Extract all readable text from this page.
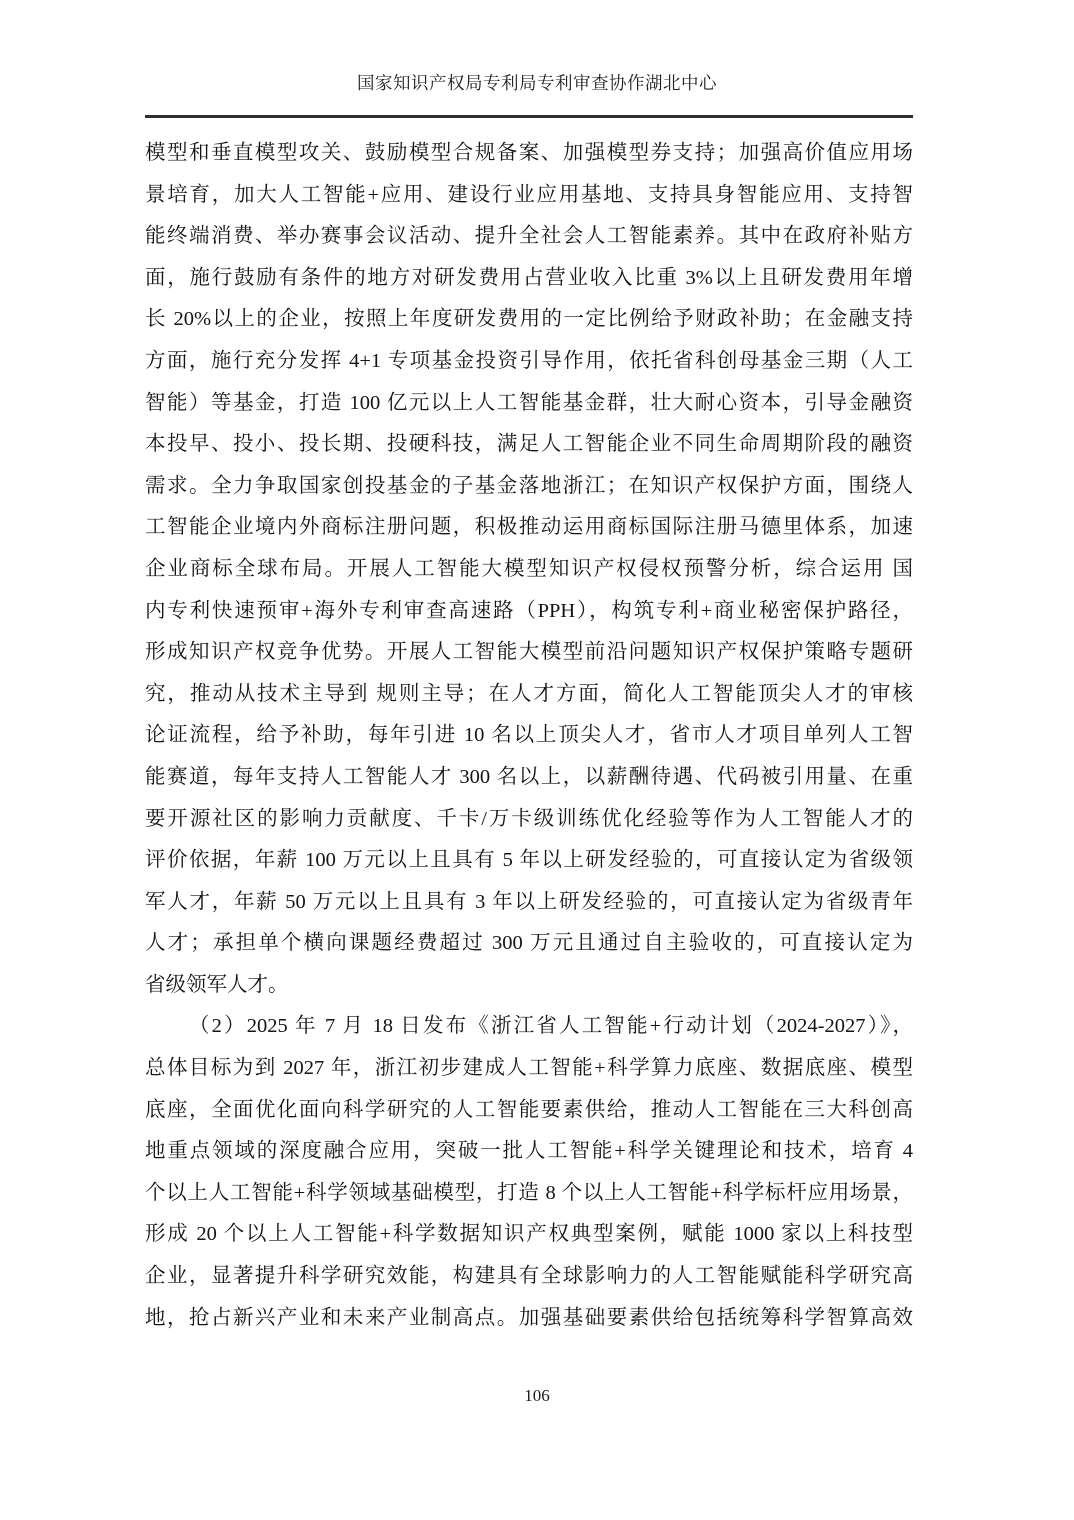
国家知识产权局专利局专利审查协作湖北中心
模型和垂直模型攻关、鼓励模型合规备案、加强模型券支持；加强高价值应用场
景培育，加大人工智能+应用、建设行业应用基地、支持具身智能应用、支持智
能终端消费、举办赛事会议活动、提升全社会人工智能素养。其中在政府补贴方
面，施行鼓励有条件的地方对研发费用占营业收入比重 3%以上且研发费用年增
长 20%以上的企业，按照上年度研发费用的一定比例给予财政补助；在金融支持
方面，施行充分发挥 4+1 专项基金投资引导作用，依托省科创母基金三期（人工
智能）等基金，打造 100 亿元以上人工智能基金群，壮大耐心资本，引导金融资
本投早、投小、投长期、投硬科技，满足人工智能企业不同生命周期阶段的融资
需求。全力争取国家创投基金的子基金落地浙江；在知识产权保护方面，围绕人
工智能企业境内外商标注册问题，积极推动运用商标国际注册马德里体系，加速
企业商标全球布局。开展人工智能大模型知识产权侵权预警分析，综合运用 国
内专利快速预审+海外专利审查高速路（PPH），构筑专利+商业秘密保护路径，
形成知识产权竞争优势。开展人工智能大模型前沿问题知识产权保护策略专题研
究，推动从技术主导到 规则主导；在人才方面，简化人工智能顶尖人才的审核
论证流程，给予补助，每年引进 10 名以上顶尖人才，省市人才项目单列人工智
能赛道，每年支持人工智能人才 300 名以上，以薪酬待遇、代码被引用量、在重
要开源社区的影响力贡献度、千卡/万卡级训练优化经验等作为人工智能人才的
评价依据，年薪 100 万元以上且具有 5 年以上研发经验的，可直接认定为省级领
军人才，年薪 50 万元以上且具有 3 年以上研发经验的，可直接认定为省级青年
人才；承担单个横向课题经费超过 300 万元且通过自主验收的，可直接认定为
省级领军人才。
（2）2025 年 7 月 18 日发布《浙江省人工智能+行动计划（2024-2027）》，
总体目标为到 2027 年，浙江初步建成人工智能+科学算力底座、数据底座、模型
底座，全面优化面向科学研究的人工智能要素供给，推动人工智能在三大科创高
地重点领域的深度融合应用，突破一批人工智能+科学关键理论和技术，培育 4
个以上人工智能+科学领域基础模型，打造 8 个以上人工智能+科学标杆应用场景，
形成 20 个以上人工智能+科学数据知识产权典型案例，赋能 1000 家以上科技型
企业，显著提升科学研究效能，构建具有全球影响力的人工智能赋能科学研究高
地，抢占新兴产业和未来产业制高点。加强基础要素供给包括统筹科学智算高效
106
